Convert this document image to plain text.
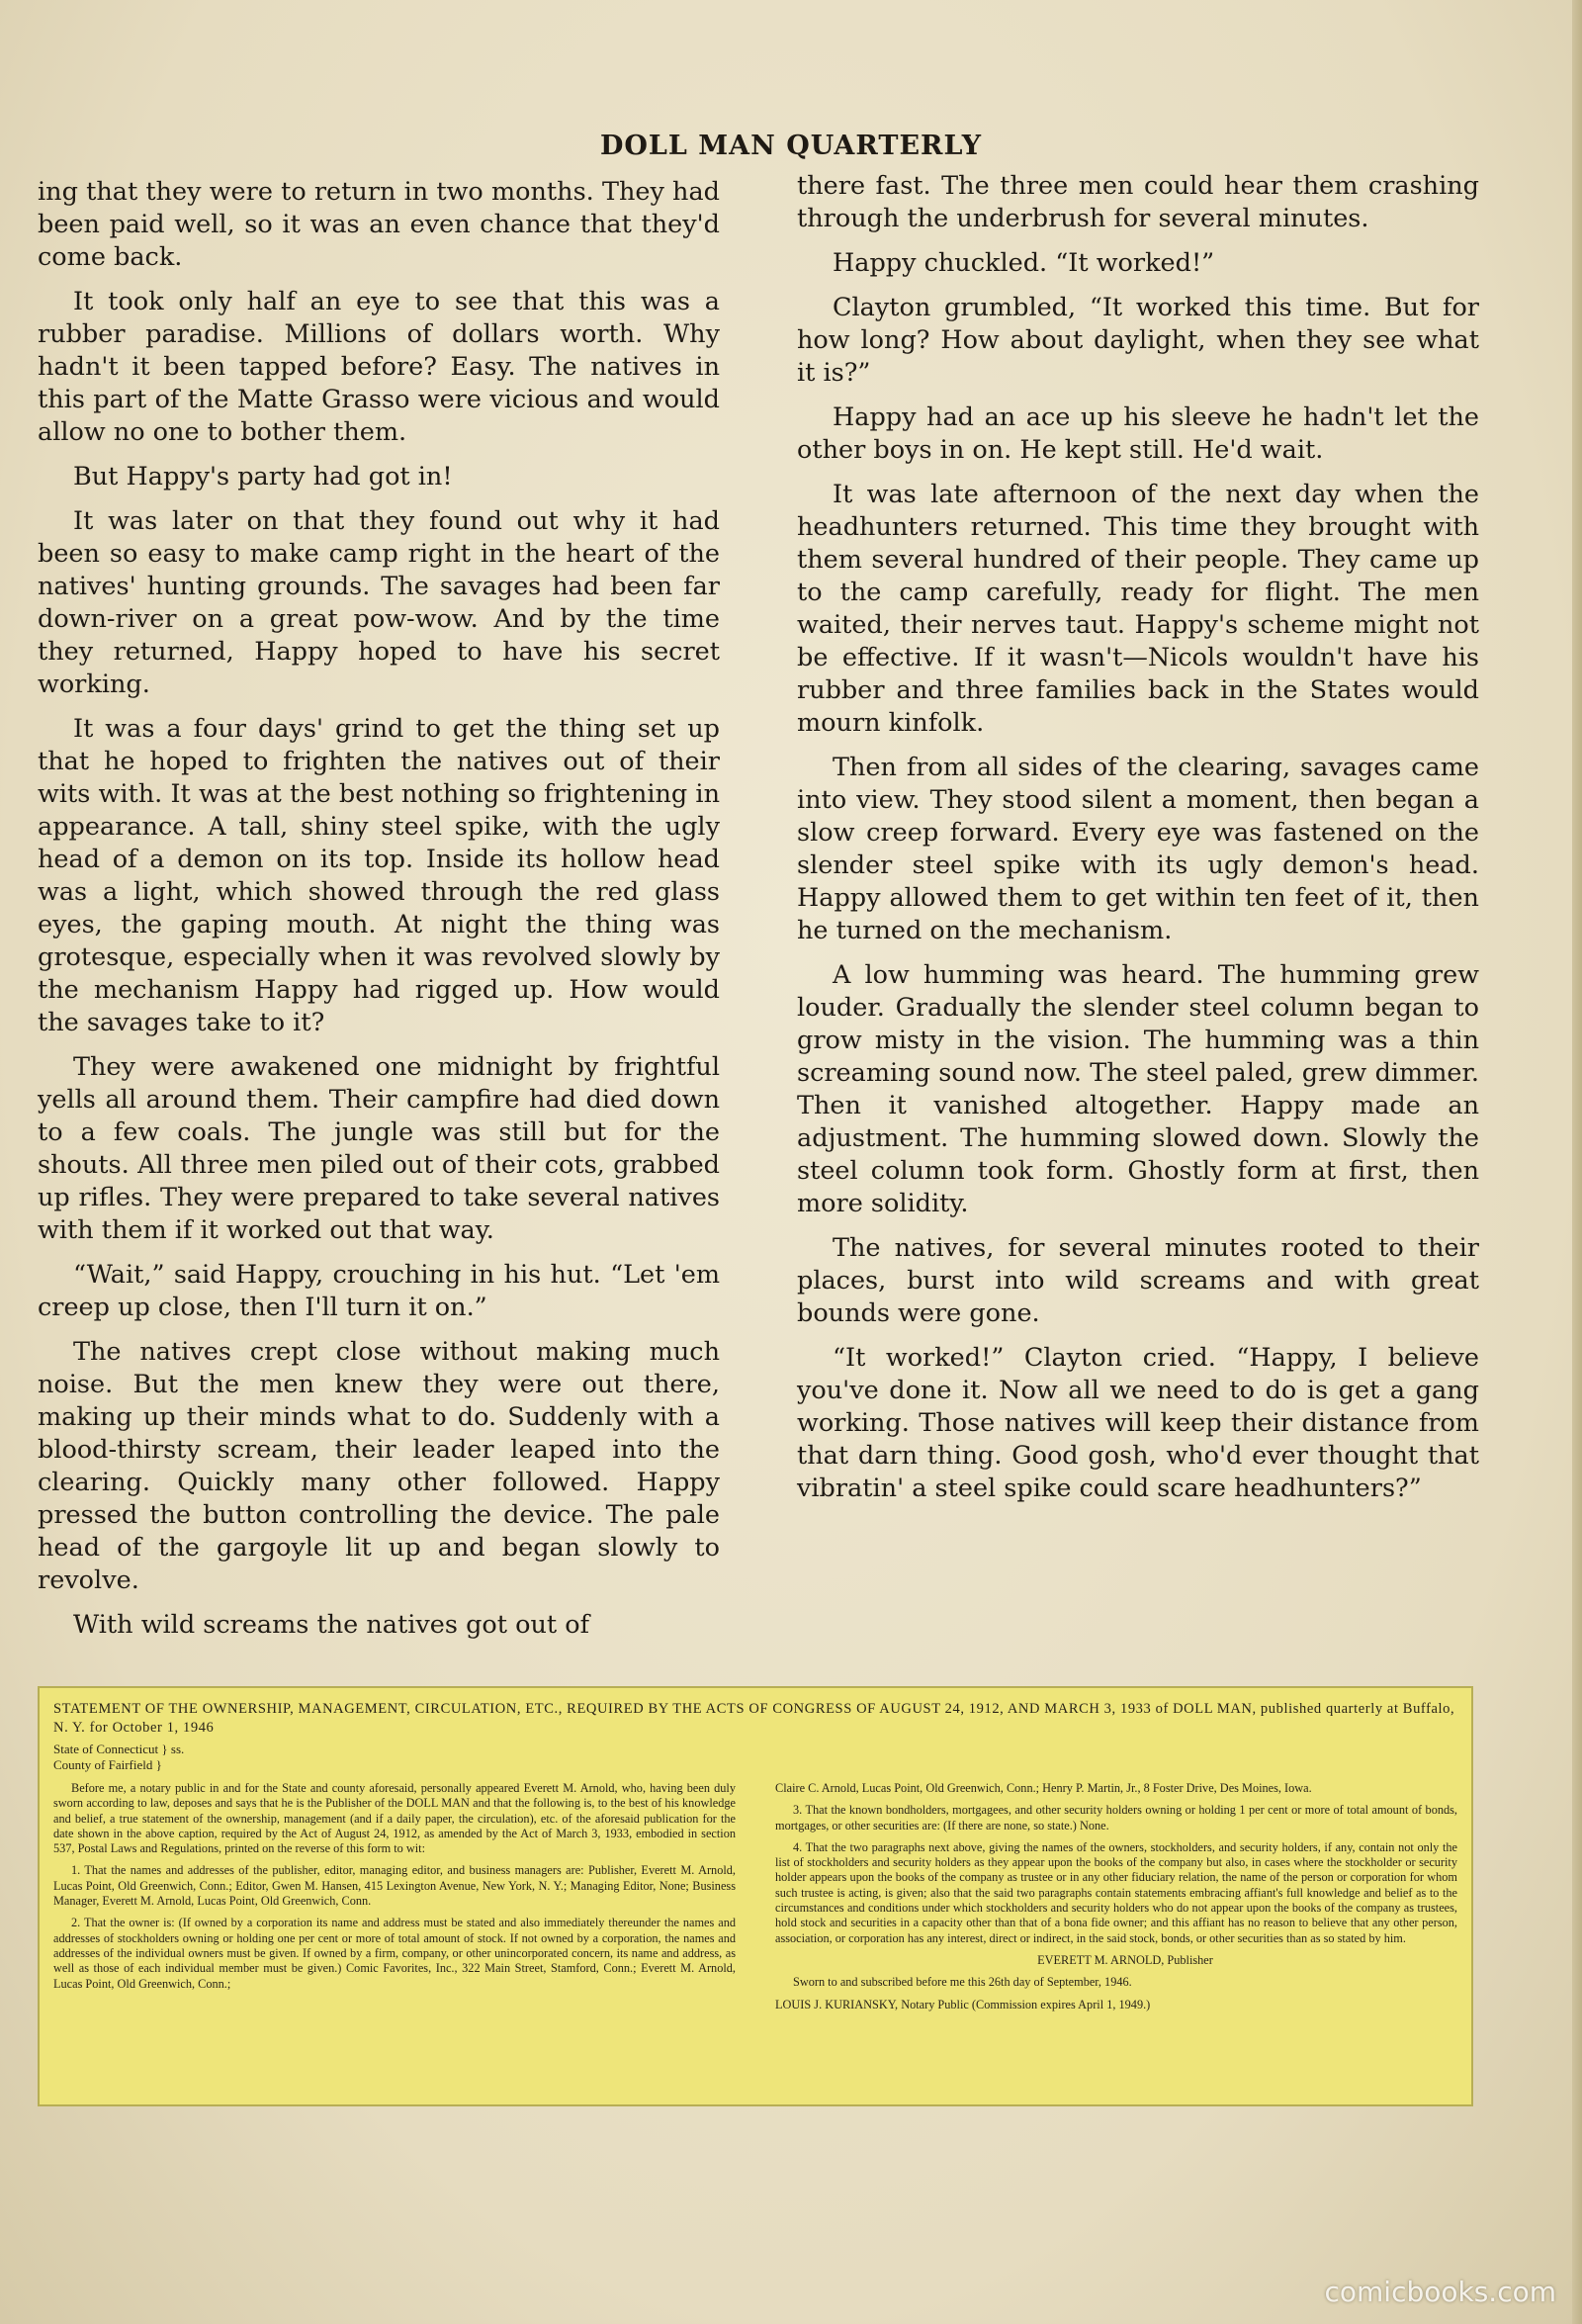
DOLL MAN QUARTERLY

ing that they were to return in two months. They had been paid well, so it was an even chance that they'd come back.

It took only half an eye to see that this was a rubber paradise. Millions of dollars worth. Why hadn't it been tapped before? Easy. The natives in this part of the Matte Grasso were vicious and would allow no one to bother them.

But Happy's party had got in!

It was later on that they found out why it had been so easy to make camp right in the heart of the natives' hunting grounds. The savages had been far down-river on a great pow-wow. And by the time they returned, Happy hoped to have his secret working.

It was a four days' grind to get the thing set up that he hoped to frighten the natives out of their wits with. It was at the best nothing so frightening in appearance. A tall, shiny steel spike, with the ugly head of a demon on its top. Inside its hollow head was a light, which showed through the red glass eyes, the gaping mouth. At night the thing was grotesque, especially when it was revolved slowly by the mechanism Happy had rigged up. How would the savages take to it?

They were awakened one midnight by frightful yells all around them. Their campfire had died down to a few coals. The jungle was still but for the shouts. All three men piled out of their cots, grabbed up rifles. They were prepared to take several natives with them if it worked out that way.

“Wait,” said Happy, crouching in his hut. “Let 'em creep up close, then I'll turn it on.”

The natives crept close without making much noise. But the men knew they were out there, making up their minds what to do. Suddenly with a blood-thirsty scream, their leader leaped into the clearing. Quickly many other followed. Happy pressed the button controlling the device. The pale head of the gargoyle lit up and began slowly to revolve.

With wild screams the natives got out of

there fast. The three men could hear them crashing through the underbrush for several minutes.

Happy chuckled. “It worked!”

Clayton grumbled, “It worked this time. But for how long? How about daylight, when they see what it is?”

Happy had an ace up his sleeve he hadn't let the other boys in on. He kept still. He'd wait.

It was late afternoon of the next day when the headhunters returned. This time they brought with them several hundred of their people. They came up to the camp carefully, ready for flight. The men waited, their nerves taut. Happy's scheme might not be effective. If it wasn't—Nicols wouldn't have his rubber and three families back in the States would mourn kinfolk.

Then from all sides of the clearing, savages came into view. They stood silent a moment, then began a slow creep forward. Every eye was fastened on the slender steel spike with its ugly demon's head. Happy allowed them to get within ten feet of it, then he turned on the mechanism.

A low humming was heard. The humming grew louder. Gradually the slender steel column began to grow misty in the vision. The humming was a thin screaming sound now. The steel paled, grew dimmer. Then it vanished altogether. Happy made an adjustment. The humming slowed down. Slowly the steel column took form. Ghostly form at first, then more solidity.

The natives, for several minutes rooted to their places, burst into wild screams and with great bounds were gone.

“It worked!” Clayton cried. “Happy, I believe you've done it. Now all we need to do is get a gang working. Those natives will keep their distance from that darn thing. Good gosh, who'd ever thought that vibratin' a steel spike could scare headhunters?”

STATEMENT OF THE OWNERSHIP, MANAGEMENT, CIRCULATION, ETC., REQUIRED BY THE ACTS OF CONGRESS OF AUGUST 24, 1912, AND MARCH 3, 1933 of DOLL MAN, published quarterly at Buffalo, N. Y. for October 1, 1946

State of Connecticut } ss.
County of Fairfield }

Before me, a notary public in and for the State and county aforesaid, personally appeared Everett M. Arnold, who, having been duly sworn according to law, deposes and says that he is the Publisher of the DOLL MAN and that the following is, to the best of his knowledge and belief, a true statement of the ownership, management (and if a daily paper, the circulation), etc. of the aforesaid publication for the date shown in the above caption, required by the Act of August 24, 1912, as amended by the Act of March 3, 1933, embodied in section 537, Postal Laws and Regulations, printed on the reverse of this form to wit:

1. That the names and addresses of the publisher, editor, managing editor, and business managers are: Publisher, Everett M. Arnold, Lucas Point, Old Greenwich, Conn.; Editor, Gwen M. Hansen, 415 Lexington Avenue, New York, N. Y.; Managing Editor, None; Business Manager, Everett M. Arnold, Lucas Point, Old Greenwich, Conn.

2. That the owner is: (If owned by a corporation its name and address must be stated and also immediately thereunder the names and addresses of stockholders owning or holding one per cent or more of total amount of stock. If not owned by a corporation, the names and addresses of the individual owners must be given. If owned by a firm, company, or other unincorporated concern, its name and address, as well as those of each individual member must be given.) Comic Favorites, Inc., 322 Main Street, Stamford, Conn.; Everett M. Arnold, Lucas Point, Old Greenwich, Conn.;

Claire C. Arnold, Lucas Point, Old Greenwich, Conn.; Henry P. Martin, Jr., 8 Foster Drive, Des Moines, Iowa.

3. That the known bondholders, mortgagees, and other security holders owning or holding 1 per cent or more of total amount of bonds, mortgages, or other securities are: (If there are none, so state.) None.

4. That the two paragraphs next above, giving the names of the owners, stockholders, and security holders, if any, contain not only the list of stockholders and security holders as they appear upon the books of the company but also, in cases where the stockholder or security holder appears upon the books of the company as trustee or in any other fiduciary relation, the name of the person or corporation for whom such trustee is acting, is given; also that the said two paragraphs contain statements embracing affiant's full knowledge and belief as to the circumstances and conditions under which stockholders and security holders who do not appear upon the books of the company as trustees, hold stock and securities in a capacity other than that of a bona fide owner; and this affiant has no reason to believe that any other person, association, or corporation has any interest, direct or indirect, in the said stock, bonds, or other securities than as so stated by him.

EVERETT M. ARNOLD, Publisher

Sworn to and subscribed before me this 26th day of September, 1946.

LOUIS J. KURIANSKY, Notary Public (Commission expires April 1, 1949.)

comicbooks.com
